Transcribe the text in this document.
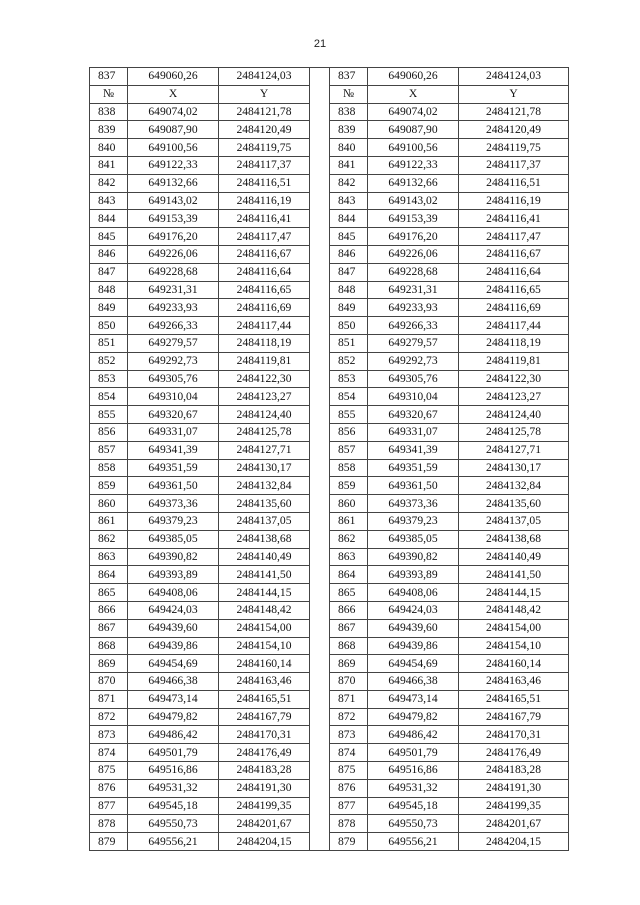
21
837	649060,26	2484124,03		837	649060,26	2484124,03
№	X	Y		№	X	Y
838	649074,02	2484121,78		838	649074,02	2484121,78
839	649087,90	2484120,49		839	649087,90	2484120,49
840	649100,56	2484119,75		840	649100,56	2484119,75
841	649122,33	2484117,37		841	649122,33	2484117,37
842	649132,66	2484116,51		842	649132,66	2484116,51
843	649143,02	2484116,19		843	649143,02	2484116,19
844	649153,39	2484116,41		844	649153,39	2484116,41
845	649176,20	2484117,47		845	649176,20	2484117,47
846	649226,06	2484116,67		846	649226,06	2484116,67
847	649228,68	2484116,64		847	649228,68	2484116,64
848	649231,31	2484116,65		848	649231,31	2484116,65
849	649233,93	2484116,69		849	649233,93	2484116,69
850	649266,33	2484117,44		850	649266,33	2484117,44
851	649279,57	2484118,19		851	649279,57	2484118,19
852	649292,73	2484119,81		852	649292,73	2484119,81
853	649305,76	2484122,30		853	649305,76	2484122,30
854	649310,04	2484123,27		854	649310,04	2484123,27
855	649320,67	2484124,40		855	649320,67	2484124,40
856	649331,07	2484125,78		856	649331,07	2484125,78
857	649341,39	2484127,71		857	649341,39	2484127,71
858	649351,59	2484130,17		858	649351,59	2484130,17
859	649361,50	2484132,84		859	649361,50	2484132,84
860	649373,36	2484135,60		860	649373,36	2484135,60
861	649379,23	2484137,05		861	649379,23	2484137,05
862	649385,05	2484138,68		862	649385,05	2484138,68
863	649390,82	2484140,49		863	649390,82	2484140,49
864	649393,89	2484141,50		864	649393,89	2484141,50
865	649408,06	2484144,15		865	649408,06	2484144,15
866	649424,03	2484148,42		866	649424,03	2484148,42
867	649439,60	2484154,00		867	649439,60	2484154,00
868	649439,86	2484154,10		868	649439,86	2484154,10
869	649454,69	2484160,14		869	649454,69	2484160,14
870	649466,38	2484163,46		870	649466,38	2484163,46
871	649473,14	2484165,51		871	649473,14	2484165,51
872	649479,82	2484167,79		872	649479,82	2484167,79
873	649486,42	2484170,31		873	649486,42	2484170,31
874	649501,79	2484176,49		874	649501,79	2484176,49
875	649516,86	2484183,28		875	649516,86	2484183,28
876	649531,32	2484191,30		876	649531,32	2484191,30
877	649545,18	2484199,35		877	649545,18	2484199,35
878	649550,73	2484201,67		878	649550,73	2484201,67
879	649556,21	2484204,15		879	649556,21	2484204,15
